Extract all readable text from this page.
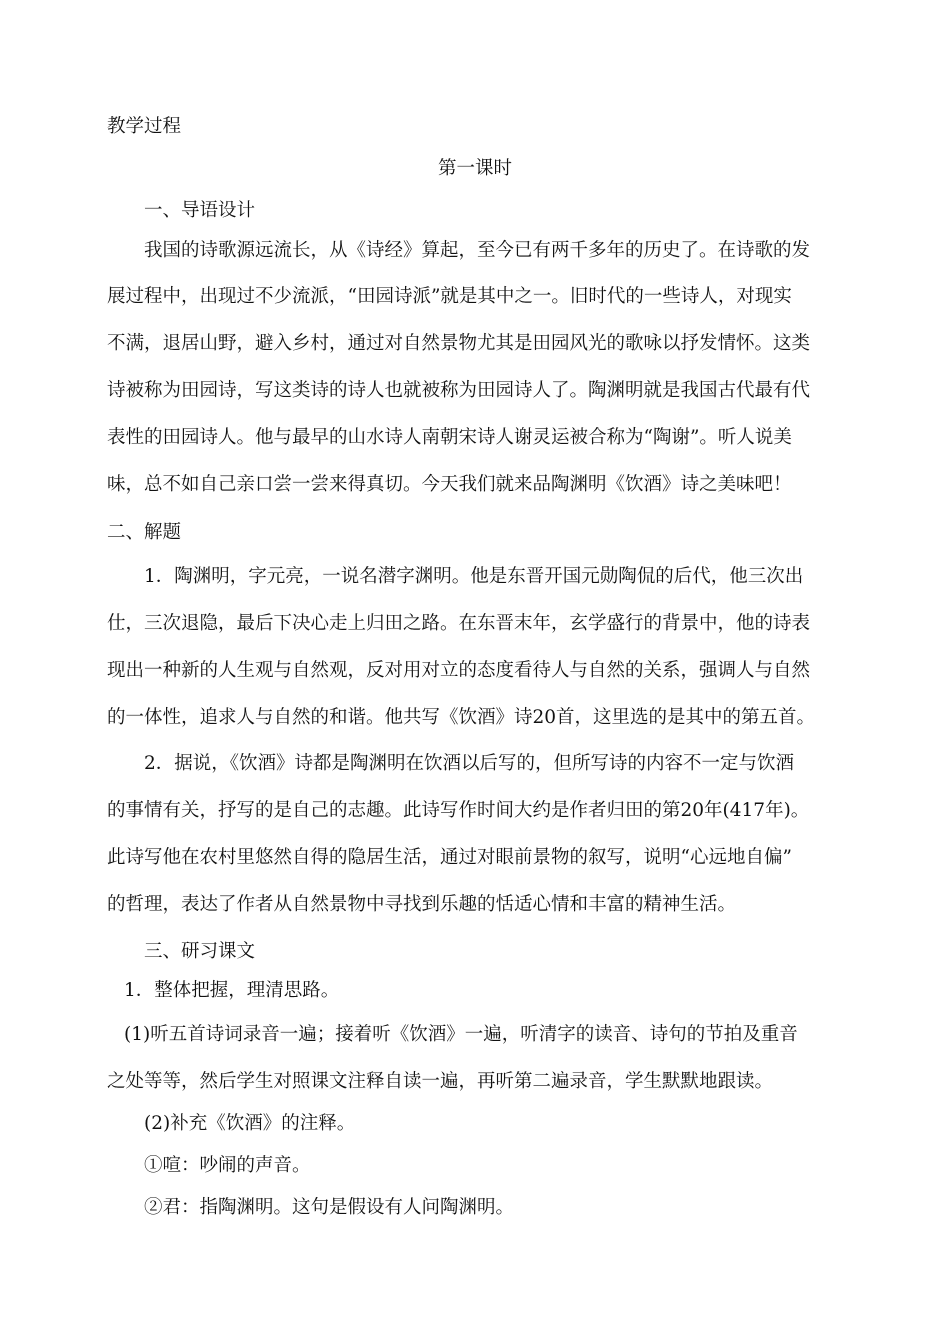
教学过程
第一课时
一、导语设计
我国的诗歌源远流长，从《诗经》算起，至今已有两千多年的历史了。在诗歌的发
展过程中，出现过不少流派，“田园诗派”就是其中之一。旧时代的一些诗人，对现实
不满，退居山野，避入乡村，通过对自然景物尤其是田园风光的歌咏以抒发情怀。这类
诗被称为田园诗，写这类诗的诗人也就被称为田园诗人了。陶渊明就是我国古代最有代
表性的田园诗人。他与最早的山水诗人南朝宋诗人谢灵运被合称为“陶谢”。听人说美
味，总不如自己亲口尝一尝来得真切。今天我们就来品陶渊明《饮酒》诗之美味吧！
二、解题
1．陶渊明，字元亮，一说名潜字渊明。他是东晋开国元勋陶侃的后代，他三次出
仕，三次退隐，最后下决心走上归田之路。在东晋末年，玄学盛行的背景中，他的诗表
现出一种新的人生观与自然观，反对用对立的态度看待人与自然的关系，强调人与自然
的一体性，追求人与自然的和谐。他共写《饮酒》诗20首，这里选的是其中的第五首。
2．据说，《饮酒》诗都是陶渊明在饮酒以后写的，但所写诗的内容不一定与饮酒
的事情有关，抒写的是自己的志趣。此诗写作时间大约是作者归田的第20年(417年)。
此诗写他在农村里悠然自得的隐居生活，通过对眼前景物的叙写，说明“心远地自偏”
的哲理，表达了作者从自然景物中寻找到乐趣的恬适心情和丰富的精神生活。
三、研习课文
1．整体把握，理清思路。
(1)听五首诗词录音一遍；接着听《饮酒》一遍，听清字的读音、诗句的节拍及重音
之处等等，然后学生对照课文注释自读一遍，再听第二遍录音，学生默默地跟读。
(2)补充《饮酒》的注释。
①喧：吵闹的声音。
②君：指陶渊明。这句是假设有人问陶渊明。
